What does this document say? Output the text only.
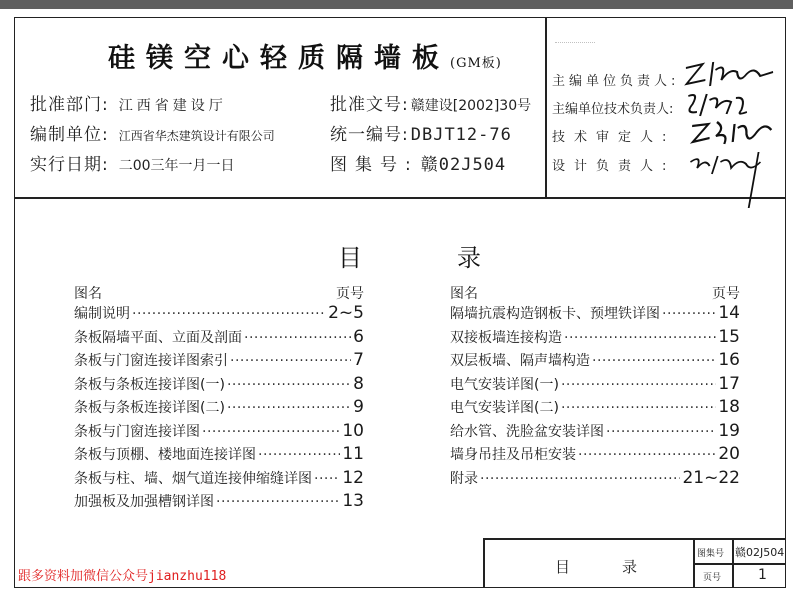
硅镁空心轻质隔墙板(GM板)
批准部门: 江西省建设厅
编制单位: 江西省华杰建筑设计有限公司
实行日期: 二00三年一月一日
批准文号: 赣建设[2002]30号
统一编号: DBJT12-76
图集号: 赣02J504
主编单位负责人:
主编单位技术负责人:
技术审定人:
设计负责人:
目	录
图名	页号
编制说明 ·····	2~5
条板隔墙平面、立面及剖面 ·····	6
条板与门窗连接详图索引 ·····	7
条板与条板连接详图(一) ·····	8
条板与条板连接详图(二) ·····	9
条板与门窗连接详图 ·····	10
条板与顶棚、楼地面连接详图 ·····	11
条板与柱、墙、烟气道连接伸缩缝详图 ····· 12
加强板及加强槽钢详图 ·····	13
图名	页号
隔墙抗震构造钢板卡、预埋铁详图 ·····	14
双接板墙连接构造 ·····	15
双层板墙、隔声墙构造 ·····	16
电气安装详图(一) ·····	17
电气安装详图(二) ·····	18
给水管、洗脸盆安装详图 ·····	19
墙身吊挂及吊柜安装 ·····	20
附录 ·····	21~22
目	录
图集号 赣02J504
页号	1
跟多资料加微信公众号jianzhu118
